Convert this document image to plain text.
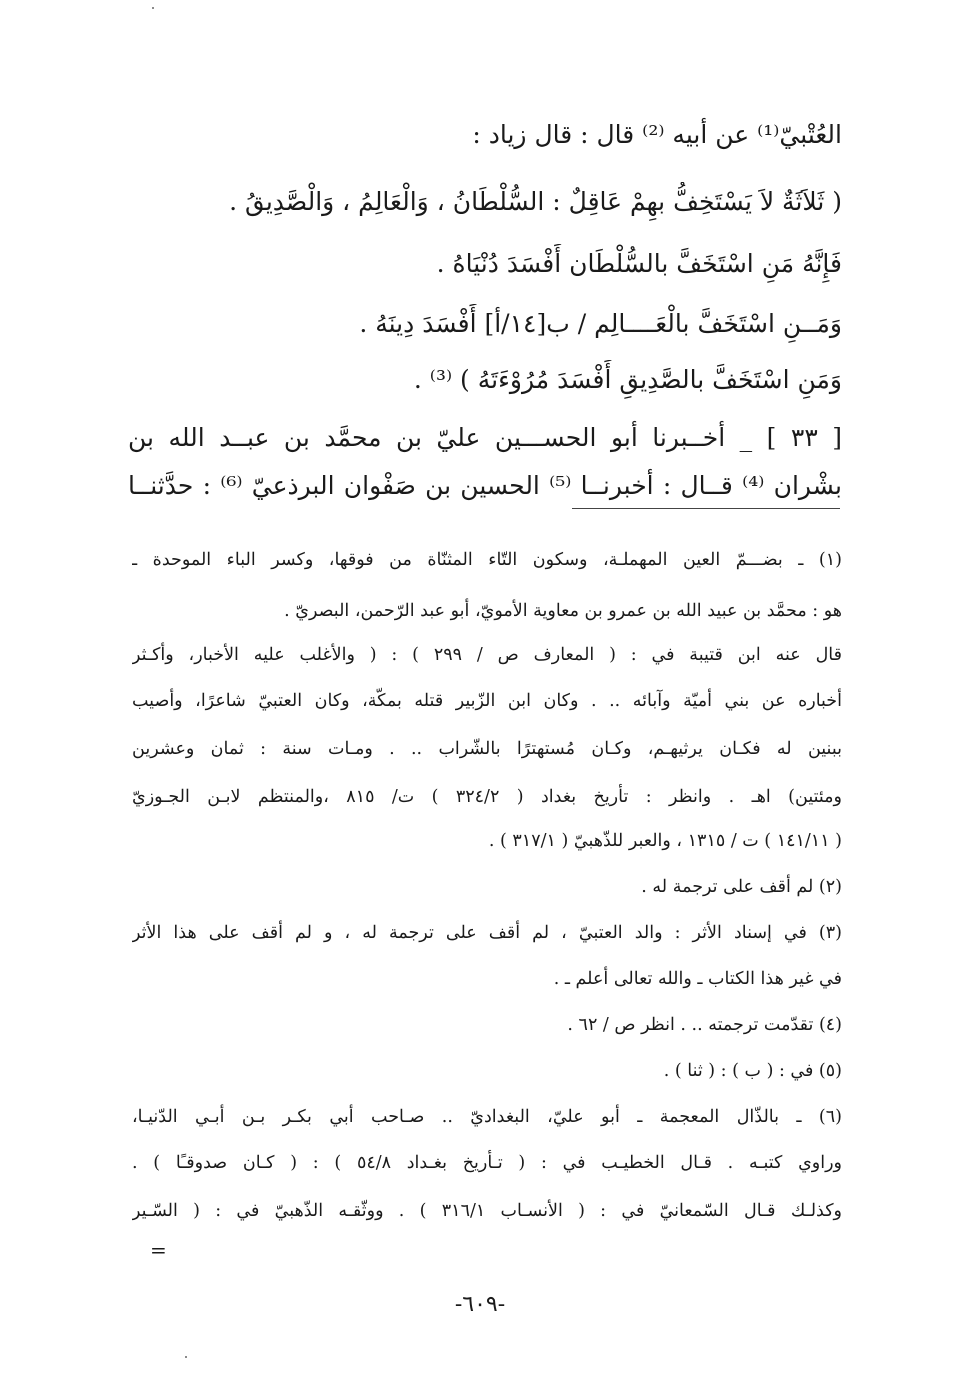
العُتْبيّ⁽¹⁾ عن أبيه ⁽²⁾ قال : قال زياد :
( ثَلاَثَةٌ لاَ يَسْتَخِفُّ بهِمْ عَاقِلٌ : السُّلْطَانُ ، وَالْعَالِمُ ، وَالْصَّدِيقُ .
فَإِنَّهُ مَنِ اسْتَخَفَّ بالسُّلْطَان أَفْسَدَ دُنْيَاهُ .
وَمَــنِ اسْتَخَفَّ بالْعَــــالِم / ب[١٤/أ] أَفْسَدَ دِينَهُ .
وَمَنِ اسْتَخَفَّ بالصَّدِيقِ أَفْسَدَ مُرُوْءَتَهُ ) ⁽³⁾ .
[ ٣٣ ] _ أخــبرنا أبو الحســـين عليّ بن محمَّد بن عبــد الله بن
بشْران ⁽⁴⁾ قــال : أخبرنــا ⁽⁵⁾ الحسين بن صَفْوان البرذعيّ ⁽⁶⁾ : حدَّثنــا
(١) ـ بضـــمّ العين المهملـة، وسكون التّاء المثنّاة من فوقها، وكسر الباء الموحدة ـ
هو : محمَّد بن عبيد الله بن عمرو بن معاوية الأمويّ، أبو عبد الرّحمن، البصريّ .
قال عنه ابن قتيبة في : ( المعارف ص / ٢٩٩ ) : ( والأغلب عليه الأخبار، وأكـثر
أخباره عن بني أميّة وآبائه .. . وكان ابن الزّبير قتله بمكّة، وكان العتبيّ شاعرًا، وأصيب
ببنين له فكـان يرثيهـم، وكـان مُستهترًا بالشّراب .. . ومـات سنة : ثمان وعشرين
ومئتين) اهـ . وانظر : تأريخ بغداد ( ٣٢٤/٢ ) ت/ ٨١٥ ،والمنتظم لابـن الجـوزيّ
( ١٤١/١١ ) ت / ١٣١٥ ، والعبر للذّهبيّ ( ٣١٧/١ ) .
(٢) لم أقف على ترجمة له .
(٣) في إسناد الأثر : والد العتبيّ ، لم أقف على ترجمة له ، و لم أقف على هذا الأثر
في غير هذا الكتاب ـ والله تعالى أعلم ـ .
(٤) تقدّمت ترجمته .. . انظر ص / ٦٢ .
(٥) في : ( ب ) : ( ثنا ) .
(٦) ـ بالذّال المعجمة ـ أبو عليّ، البغداديّ .. صـاحب أبي بكـر بـن أبـي الدّنيـا،
وراوي كتبـه . قـال الخطيـب في : ( تـأريخ بغـداد ٥٤/٨ ) : ( كـان صدوقـًا ) .
وكذلـك قـال السّمعانيّ في : ( الأنسـاب ٣١٦/١ ) . ووثّقـه الذّهبيّ في : ( السّـير
=
-٦٠٩-
